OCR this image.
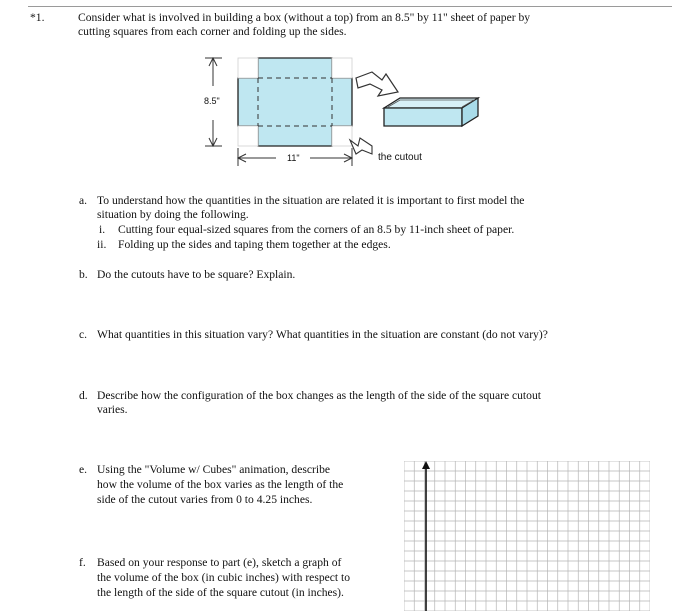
*1.	Consider what is involved in building a box (without a top) from an 8.5" by 11" sheet of paper by
cutting squares from each corner and folding up the sides.
8.5"
11"	the cutout
a. To understand how the quantities in the situation are related it is important to first model the
situation by doing the following.
i. Cutting four equal-sized squares from the corners of an 8.5 by 11-inch sheet of paper.
ii. Folding up the sides and taping them together at the edges.
b. Do the cutouts have to be square? Explain.
c. What quantities in this situation vary? What quantities in the situation are constant (do not vary)?
d. Describe how the configuration of the box changes as the length of the side of the square cutout
varies.
e. Using the "Volume w/ Cubes" animation, describe
how the volume of the box varies as the length of the
side of the cutout varies from 0 to 4.25 inches.
f. Based on your response to part (e), sketch a graph of
the volume of the box (in cubic inches) with respect to
the length of the side of the square cutout (in inches).
